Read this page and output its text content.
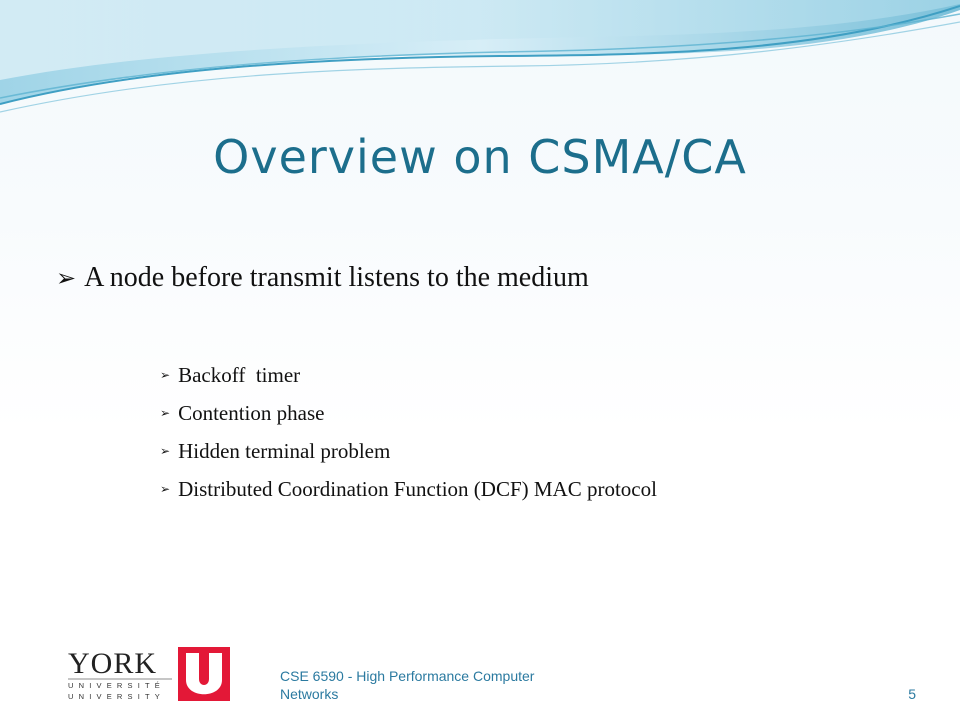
Overview on CSMA/CA
➢ A node before transmit listens to the medium
➢ Backoff  timer
➢ Contention phase
➢ Hidden terminal problem
➢ Distributed Coordination Function (DCF) MAC protocol
YORK
UNIVERSITÉ
UNIVERSITY
CSE 6590 - High Performance Computer
Networks	5
